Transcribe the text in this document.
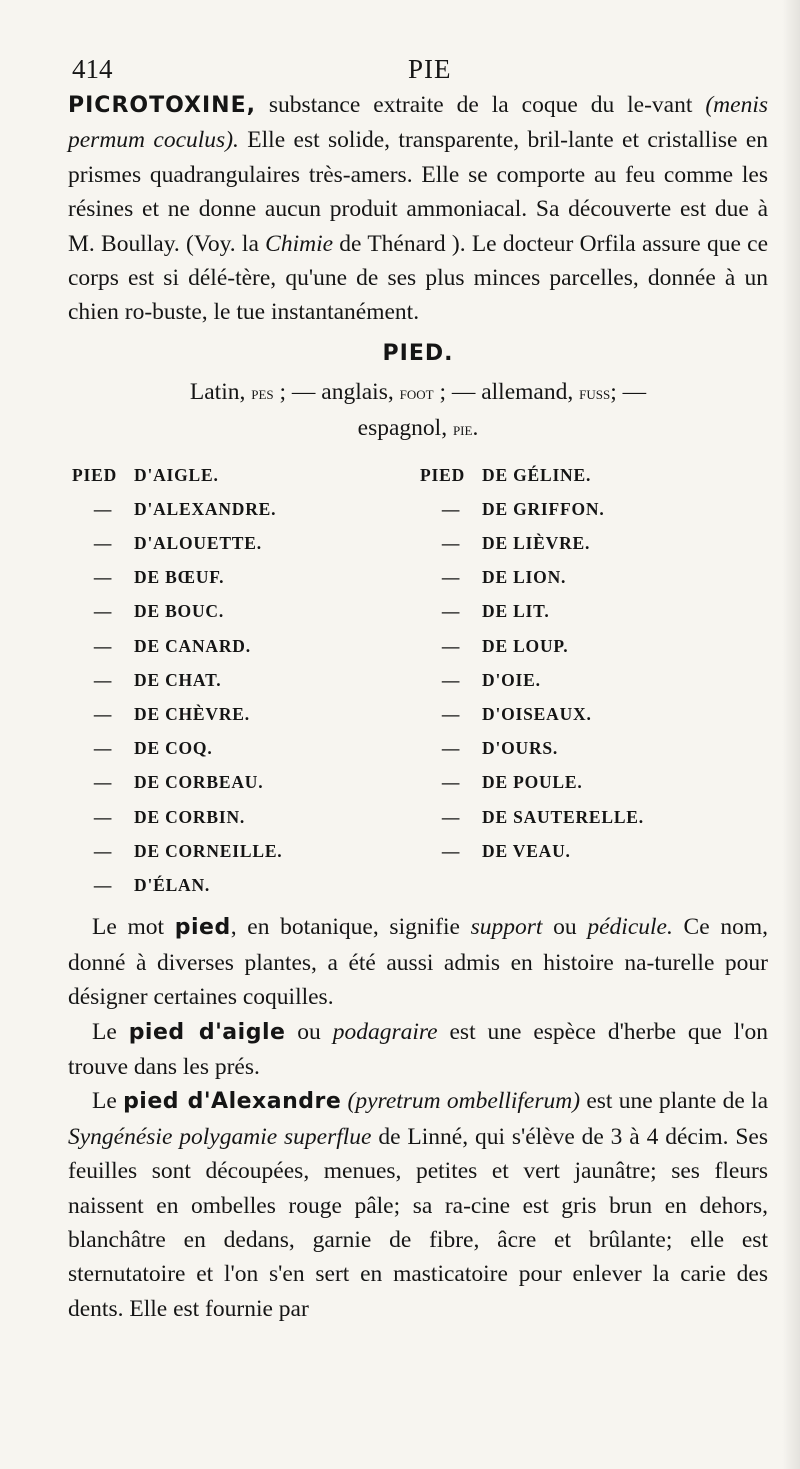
414	PIE

PICROTOXINE, substance extraite de la coque du le-vant (menis permum coculus). Elle est solide, transparente, bril-lante et cristallise en prismes quadrangulaires très-amers. Elle se comporte au feu comme les résines et ne donne aucun produit ammoniacal. Sa découverte est due à M. Boullay. (Voy. la Chimie de Thénard ). Le docteur Orfila assure que ce corps est si délé-tère, qu'une de ses plus minces parcelles, donnée à un chien ro-buste, le tue instantanément.

PIED.

Latin, pes ; — anglais, foot ; — allemand, fuss; —
espagnol, pie.

PIED D'AIGLE.
— D'ALEXANDRE.
— D'ALOUETTE.
— DE BŒUF.
— DE BOUC.
— DE CANARD.
— DE CHAT.
— DE CHÈVRE.
— DE COQ.
— DE CORBEAU.
— DE CORBIN.
— DE CORNEILLE.
— D'ÉLAN.
PIED DE GÉLINE.
— DE GRIFFON.
— DE LIÈVRE.
— DE LION.
— DE LIT.
— DE LOUP.
— D'OIE.
— D'OISEAUX.
— D'OURS.
— DE POULE.
— DE SAUTERELLE.
— DE VEAU.

Le mot pied, en botanique, signifie support ou pédicule. Ce nom, donné à diverses plantes, a été aussi admis en histoire na-turelle pour désigner certaines coquilles.

Le pied d'aigle ou podagraire est une espèce d'herbe que l'on trouve dans les prés.

Le pied d'Alexandre (pyretrum ombelliferum) est une plante de la Syngénésie polygamie superflue de Linné, qui s'élève de 3 à 4 décim. Ses feuilles sont découpées, menues, petites et vert jaunâtre; ses fleurs naissent en ombelles rouge pâle; sa ra-cine est gris brun en dehors, blanchâtre en dedans, garnie de fibre, âcre et brûlante; elle est sternutatoire et l'on s'en sert en masticatoire pour enlever la carie des dents. Elle est fournie par
